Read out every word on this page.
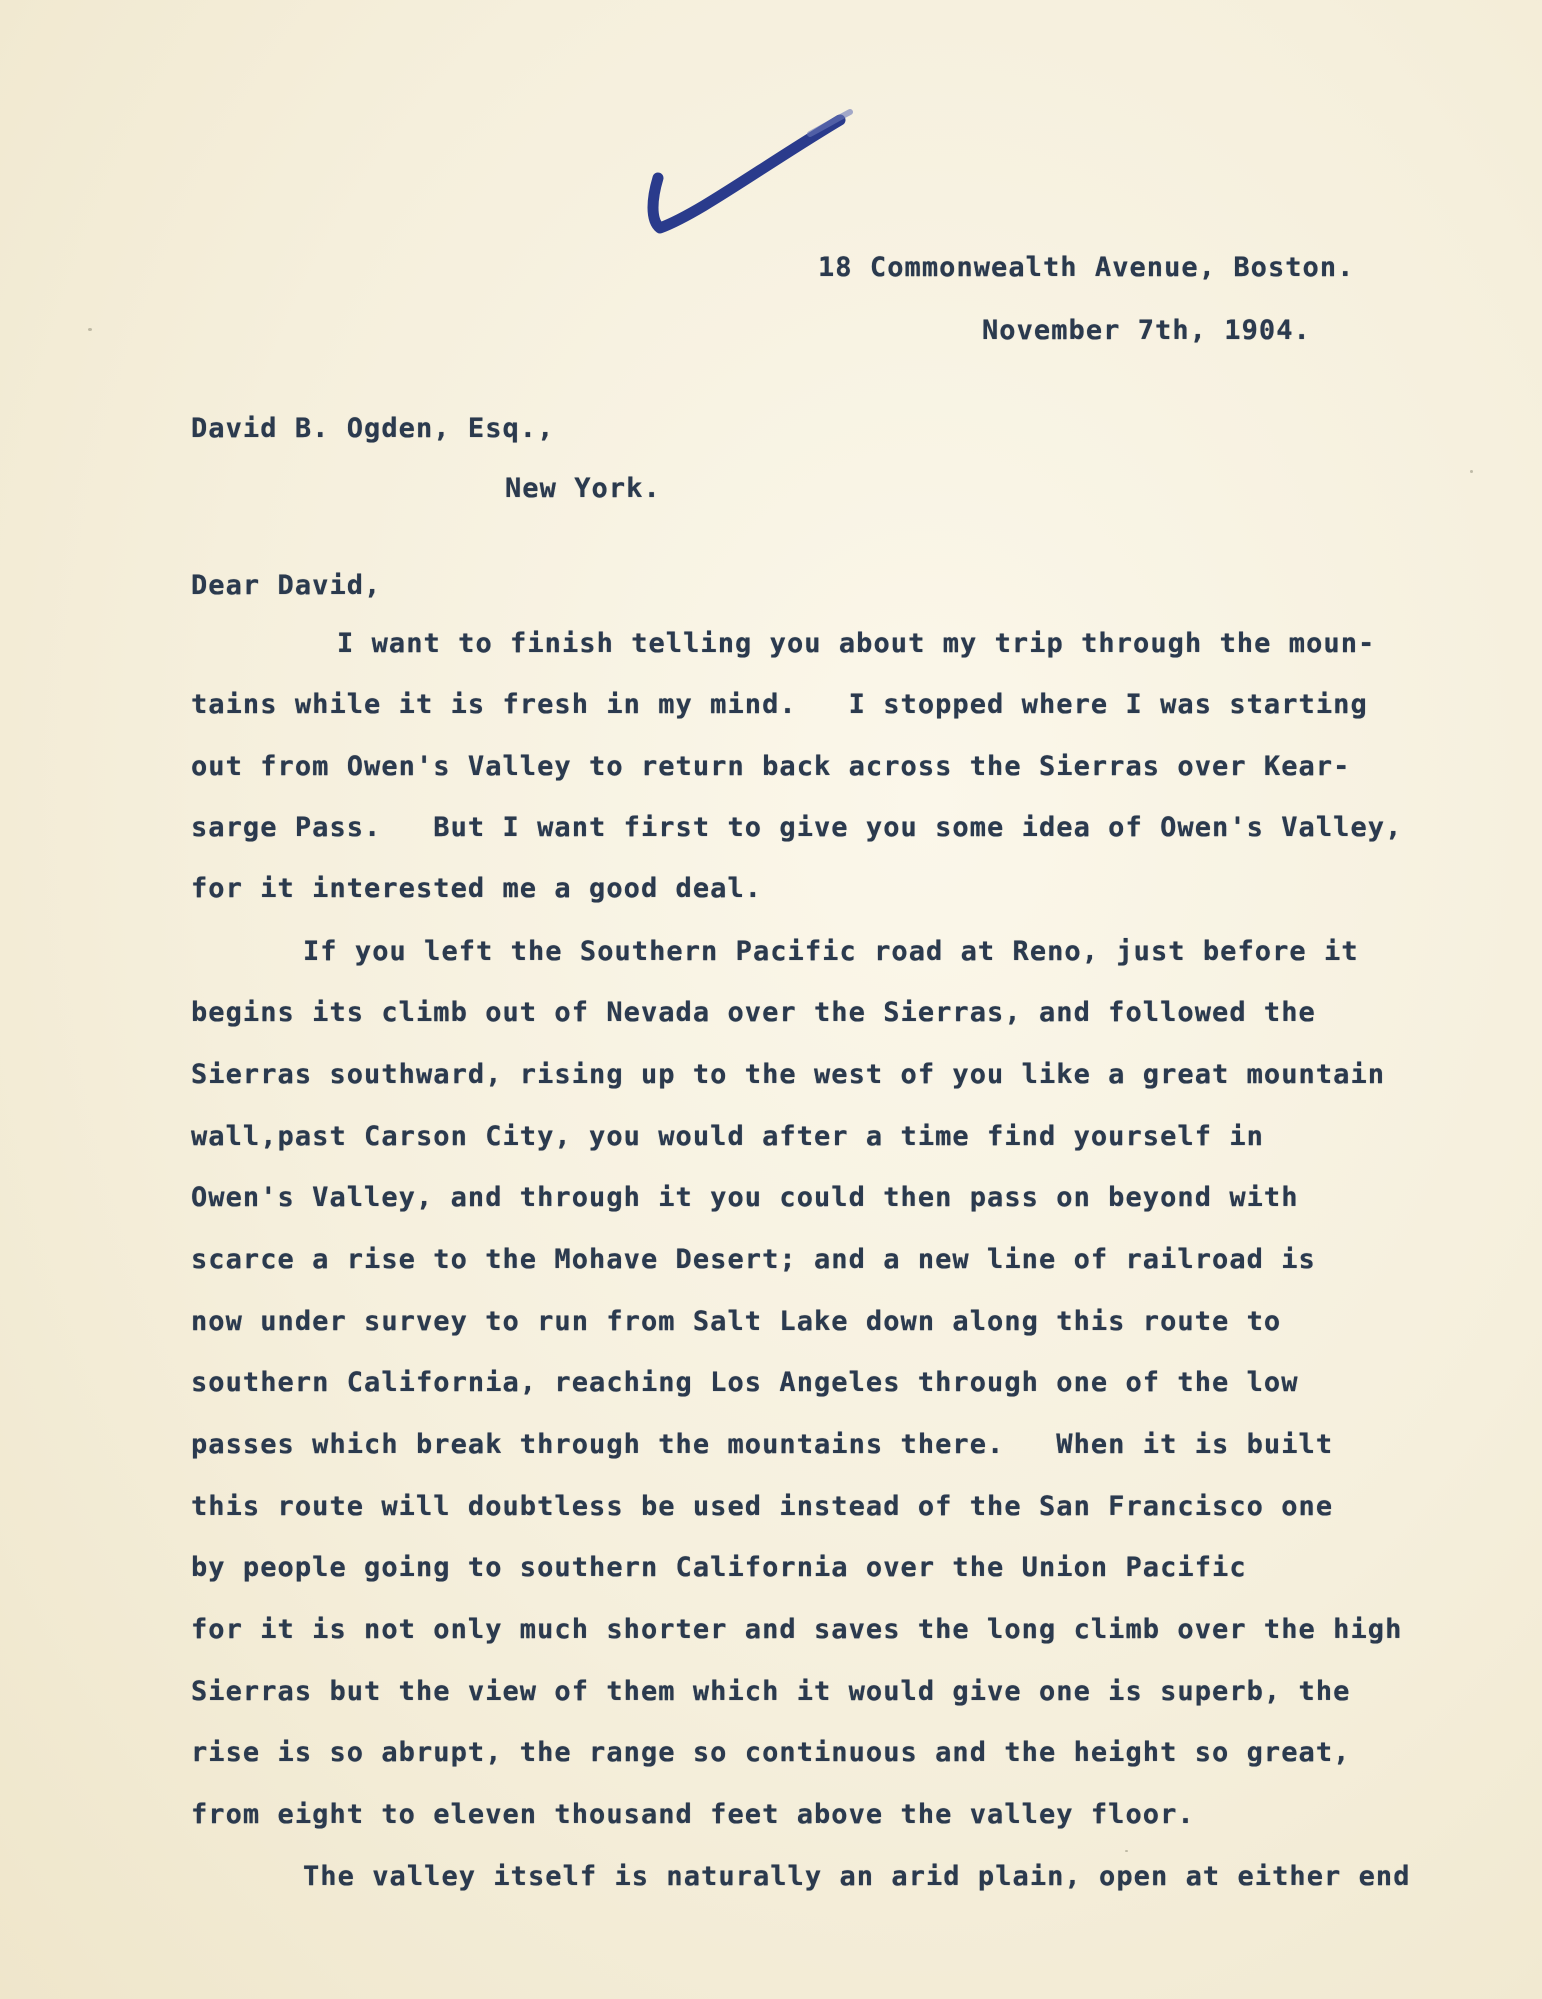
18 Commonwealth Avenue, Boston.
November 7th, 1904.
David B. Ogden, Esq.,
New York.
Dear David,
I want to finish telling you about my trip through the moun-
tains while it is fresh in my mind.   I stopped where I was starting
out from Owen's Valley to return back across the Sierras over Kear-
sarge Pass.   But I want first to give you some idea of Owen's Valley,
for it interested me a good deal.
If you left the Southern Pacific road at Reno, just before it
begins its climb out of Nevada over the Sierras, and followed the
Sierras southward, rising up to the west of you like a great mountain
wall,past Carson City, you would after a time find yourself in
Owen's Valley, and through it you could then pass on beyond with
scarce a rise to the Mohave Desert; and a new line of railroad is
now under survey to run from Salt Lake down along this route to
southern California, reaching Los Angeles through one of the low
passes which break through the mountains there.   When it is built
this route will doubtless be used instead of the San Francisco one
by people going to southern California over the Union Pacific
for it is not only much shorter and saves the long climb over the high
Sierras but the view of them which it would give one is superb, the
rise is so abrupt, the range so continuous and the height so great,
from eight to eleven thousand feet above the valley floor.
The valley itself is naturally an arid plain, open at either end
